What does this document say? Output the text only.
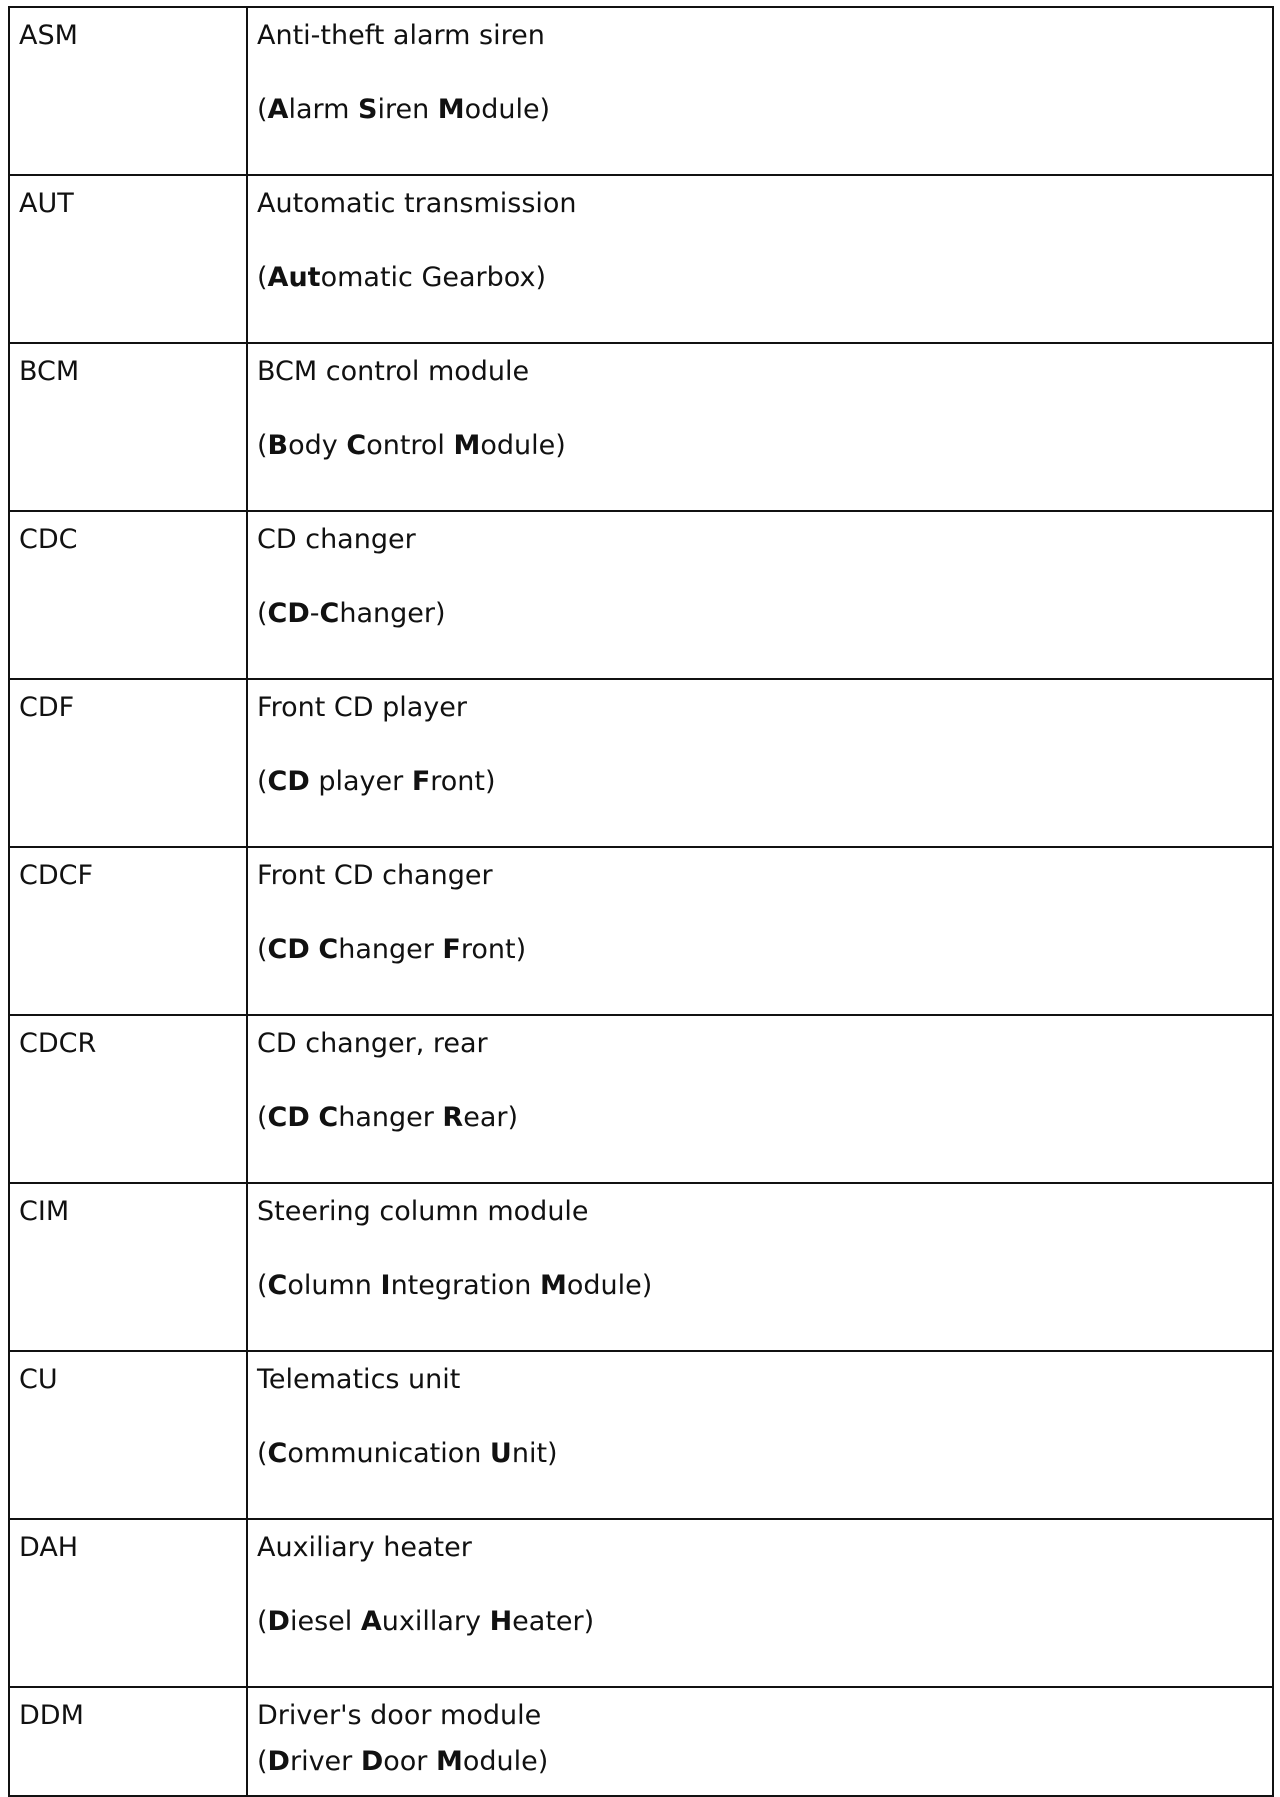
ASM	Anti-theft alarm siren
(Alarm Siren Module)

AUT	Automatic transmission
(Automatic Gearbox)

BCM	BCM control module
(Body Control Module)

CDC	CD changer
(CD-Changer)

CDF	Front CD player
(CD player Front)

CDCF	Front CD changer
(CD Changer Front)

CDCR	CD changer, rear
(CD Changer Rear)

CIM	Steering column module
(Column Integration Module)

CU	Telematics unit
(Communication Unit)

DAH	Auxiliary heater
(Diesel Auxillary Heater)

DDM	Driver's door module
(Driver Door Module)
